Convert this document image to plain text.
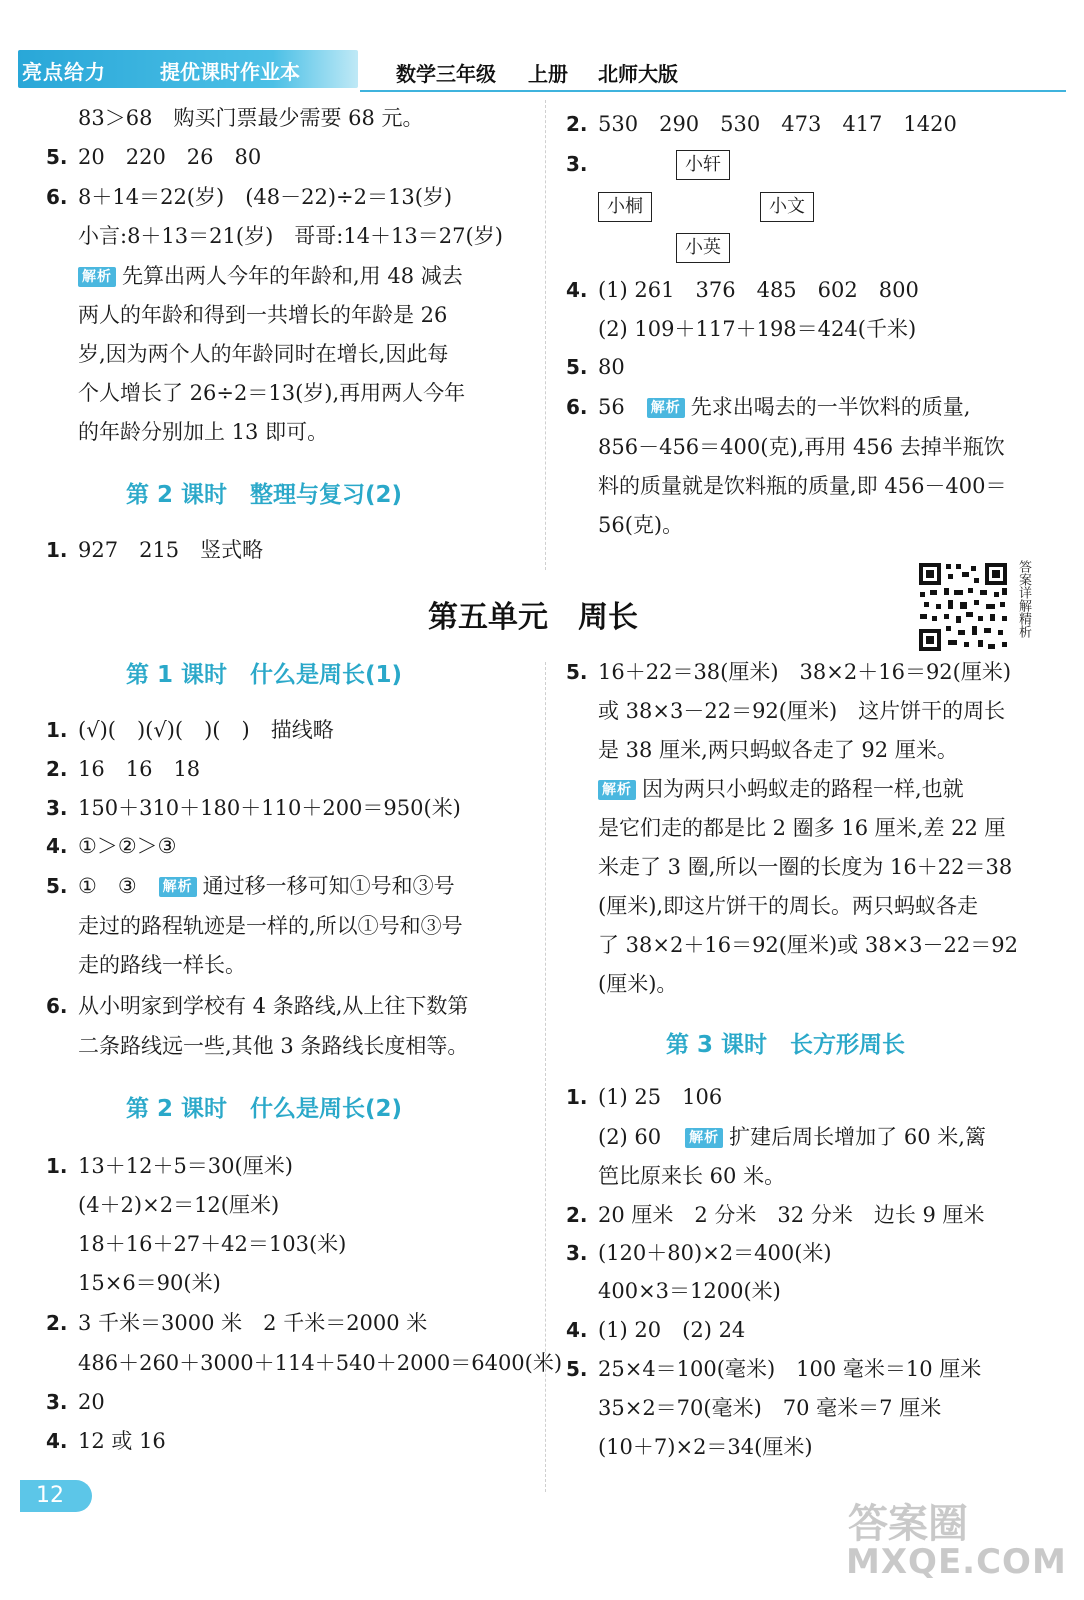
亮点给力	提优课时作业本	数学三年级 上册 北师大版
83＞68　购买门票最少需要 68 元。
5. 20　220　26　80
6. 8＋14＝22(岁)　(48－22)÷2＝13(岁)
小言:8＋13＝21(岁)　哥哥:14＋13＝27(岁)
解析 先算出两人今年的年龄和,用 48 减去
两人的年龄和得到一共增长的年龄是 26
岁,因为两个人的年龄同时在增长,因此每
个人增长了 26÷2＝13(岁),再用两人今年
的年龄分别加上 13 即可。
第 2 课时　整理与复习(2)
1. 927　215　竖式略
2. 530　290　530　473　417　1420
3.	小轩
小桐	小文
小英
4. (1) 261　376　485　602　800
(2) 109＋117＋198＝424(千米)
5. 80
6. 56 解析 先求出喝去的一半饮料的质量,
856－456＝400(克),再用 456 去掉半瓶饮
料的质量就是饮料瓶的质量,即 456－400＝
56(克)。
第五单元　周长	答案详解精析
第 1 课时　什么是周长(1)
1. (√)(　)(√)(　)(　)　描线略
2. 16　16　18
3. 150＋310＋180＋110＋200＝950(米)
4. ①＞②＞③
5. ①　③ 解析 通过移一移可知①号和③号
走过的路程轨迹是一样的,所以①号和③号
走的路线一样长。
6. 从小明家到学校有 4 条路线,从上往下数第
二条路线远一些,其他 3 条路线长度相等。
第 2 课时　什么是周长(2)
1. 13＋12＋5＝30(厘米)
(4＋2)×2＝12(厘米)
18＋16＋27＋42＝103(米)
15×6＝90(米)
2. 3 千米＝3000 米　2 千米＝2000 米
486＋260＋3000＋114＋540＋2000＝6400(米)
3. 20
4. 12 或 16
5. 16＋22＝38(厘米)　38×2＋16＝92(厘米)
或 38×3－22＝92(厘米)　这片饼干的周长
是 38 厘米,两只蚂蚁各走了 92 厘米。
解析 因为两只小蚂蚁走的路程一样,也就
是它们走的都是比 2 圈多 16 厘米,差 22 厘
米走了 3 圈,所以一圈的长度为 16＋22＝38
(厘米),即这片饼干的周长。两只蚂蚁各走
了 38×2＋16＝92(厘米)或 38×3－22＝92
(厘米)。
第 3 课时　长方形周长
1. (1) 25　106
(2) 60 解析 扩建后周长增加了 60 米,篱
笆比原来长 60 米。
2. 20 厘米　2 分米　32 分米　边长 9 厘米
3. (120＋80)×2＝400(米)
400×3＝1200(米)
4. (1) 20　(2) 24
5. 25×4＝100(毫米)　100 毫米＝10 厘米
35×2＝70(毫米)　70 毫米＝7 厘米
(10＋7)×2＝34(厘米)
12
答案圈
MXQE.COM
